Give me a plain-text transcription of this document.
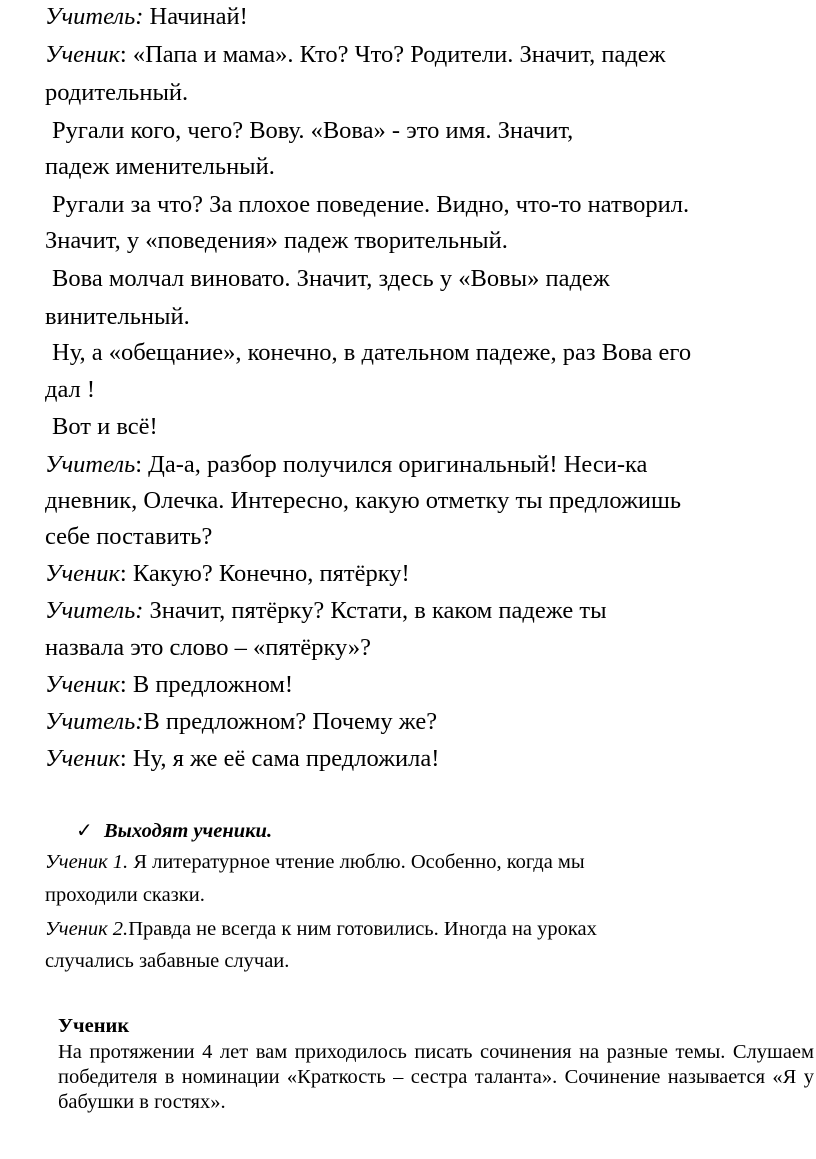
Учитель: Начинай!
Ученик: «Папа и мама». Кто? Что? Родители. Значит, падеж
родительный.
Ругали кого, чего? Вову. «Вова» - это имя. Значит,
падеж именительный.
Ругали за что? За плохое поведение. Видно, что-то натворил.
Значит, у «поведения» падеж творительный.
Вова молчал виновато. Значит, здесь у «Вовы» падеж
винительный.
Ну, а «обещание», конечно, в дательном падеже, раз Вова его
дал !
Вот и всё!
Учитель: Да-а, разбор получился оригинальный! Неси-ка
дневник, Олечка. Интересно, какую отметку ты предложишь
себе поставить?
Ученик: Какую? Конечно, пятёрку!
Учитель: Значит, пятёрку? Кстати, в каком падеже ты
назвала это слово – «пятёрку»?
Ученик: В предложном!
Учитель:В предложном? Почему же?
Ученик: Ну, я же её сама предложила!
✓ Выходят ученики.
Ученик 1. Я литературное чтение люблю. Особенно, когда мы
проходили сказки.
Ученик 2.Правда не всегда к ним готовились. Иногда на уроках
случались забавные случаи.
Ученик
На протяжении 4 лет вам приходилось писать сочинения на разные темы. Слушаем победителя в номинации «Краткость – сестра таланта». Сочинение называется «Я у бабушки в гостях».
